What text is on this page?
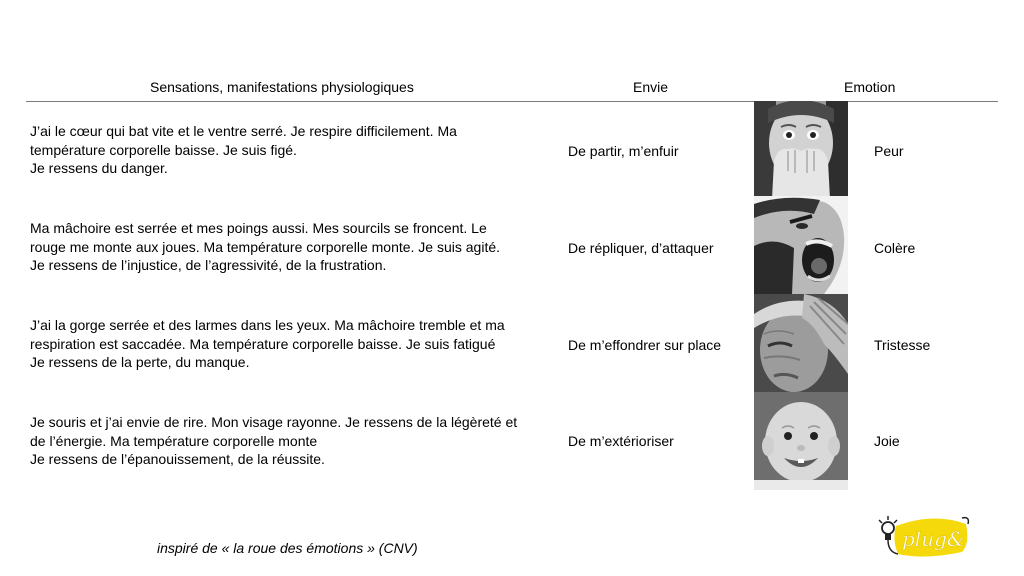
Sensations, manifestations physiologiques	Envie	Emotion
J’ai le cœur qui bat vite et le ventre serré. Je respire difficilement. Ma
température corporelle baisse. Je suis figé.
Je ressens du danger.
De partir, m’enfuir	Peur
Ma mâchoire est serrée et mes poings aussi. Mes sourcils se froncent. Le
rouge me monte aux joues. Ma température corporelle monte. Je suis agité.
Je ressens de l’injustice, de l’agressivité, de la frustration.
De répliquer, d’attaquer	Colère
J’ai la gorge serrée et des larmes dans les yeux. Ma mâchoire tremble et ma
respiration est saccadée. Ma température corporelle baisse. Je suis fatigué
Je ressens de la perte, du manque.
De m’effondrer sur place	Tristesse
Je souris et j’ai envie de rire. Mon visage rayonne. Je ressens de la légèreté et
de l’énergie. Ma température corporelle monte
Je ressens de l’épanouissement, de la réussite.
De m’extérioriser	Joie
inspiré de « la roue des émotions » (CNV)	plug&
